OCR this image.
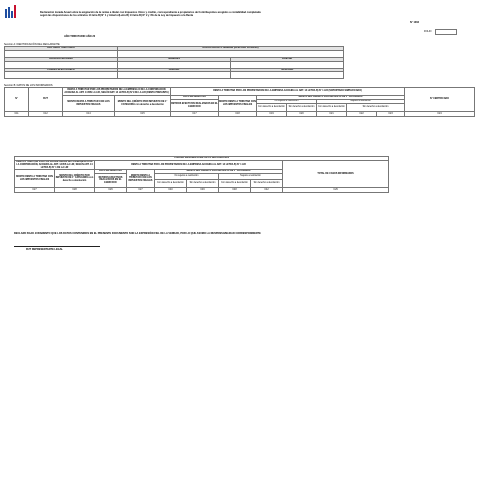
Declaración Jurada Anual sobre la asignación de la rentas a titular con Impuestos Unico y crédito, correspondiente a propietarios de Contribuyentes acogidos a contabilidad completada
según las disposiciones de los artículos 14 letra B) N° 1 y Anterior(Letra B) 14 letra B) N° 2 y 4% de la Ley de Impuesto a la Renta
N° 1002
FOLIO
AÑO TRIBUTARIO AÑO 20
Sección A: IDENTIFICACIÓN DEL DECLARANTE
ROL ÚNICO TRIBUTARIO	RAZÓN SOCIAL O NOMBRE (APELLIDO PATERNO)	

APELLIDO MATERNO	NOMBRES	COMUNA

CORREO ELECTRÓNICO	PERIODO	TELÉFONO

Sección B: DATOS DE LOS INFORMADOS
N°	RUT	RENTA A TRIBUTAR POR LOS PROPIETARIOS DE LA EMPRESA O DE LA CORPORACIÓN ACOGIDA AL ART. 14 BIS LA LIR, SEGÚN ART. 14 LETRA B) N°1 DE LA LIR (RENTA PRESUNTA)		RENTA A TRIBUTAR POR LOS PROPIETARIOS DE LA EMPRESA ACOGIDA AL ART. 14 LETRA B) N° 1 LIR (SOPORTADO SIMPLIFICADO)							N° CERTIFICADO
		MONTO RENTA A TRIBUTAR CON LOS IMPUESTOS FINALES	MONTO DEL CRÉDITO POR IMPUESTO DE 1° CATEGORÍA con derecho a devolución	DATO INFORMATIVO	MONTO RENTA A TRIBUTAR CON LOS IMPUESTOS FINALES	MONTO DEL CRÉDITO POR IMPUESTO DE 1° CATEGORÍA					
				RETIROS EFECTIVOS REALIZADOS EN EL EJERCICIO		No sujetos a restitución		Sujetos a restitución			
						Con derecho a devolución	Sin derecho a devolución	Con derecho a devolución	Sin derecho a devolución		
C11	C12	C14	C15	C17	C18	C19	C20	C21	C22	C23	C24
CUADRO RESUMEN FINAL DE LA DECLARACIÓN								
RENTA A TRIBUTAR POR LOS PROPIETARIOS DE LA EMPRESA O DE LA CORPORACIÓN, ACOGIDA AL ART. 14 BIS LA LIR, SEGÚN ART. 14 LETRA B) N° 1 DE LA LIR		RENTA A TRIBUTAR POR LOS PROPIETARIOS DE LA EMPRESA ACOGIDA AL ART. 14 LETRA B) N° 1 LIR						TOTAL DE CASOS INFORMADOS
MONTO RENTA A TRIBUTAR CON LOS IMPUESTOS FINALES	MONTO DEL CRÉDITO POR IMPUESTO DE 1° CATEGORÍA con derecho a devolución	DATO INFORMATIVO	MONTO RENTA A TRIBUTAR CON LOS IMPUESTOS FINALES	MONTO DEL CRÉDITO POR IMPUESTO DE 1° CATEGORÍA				
		RETIROS EFECTIVOS REALIZADOS EN EL EJERCICIO		No sujetos a restitución		Sujetos a restitución		
				Con derecho a devolución	Sin derecho a devolución	Con derecho a devolución	Sin derecho a devolución	

C27	C28	C26	C27	C40	C46	C48	C42	C29
DECLARO BAJO JURAMENTO QUE LOS DATOS CONTENIDOS EN EL PRESENTE DOCUMENTO SON LA EXPRESIÓN FIEL DE LA VERDAD, POR LO QUE ASUMO LA RESPONSABILIDAD CORRESPONDIENTE
RUT REPRESENTANTE LEGAL
